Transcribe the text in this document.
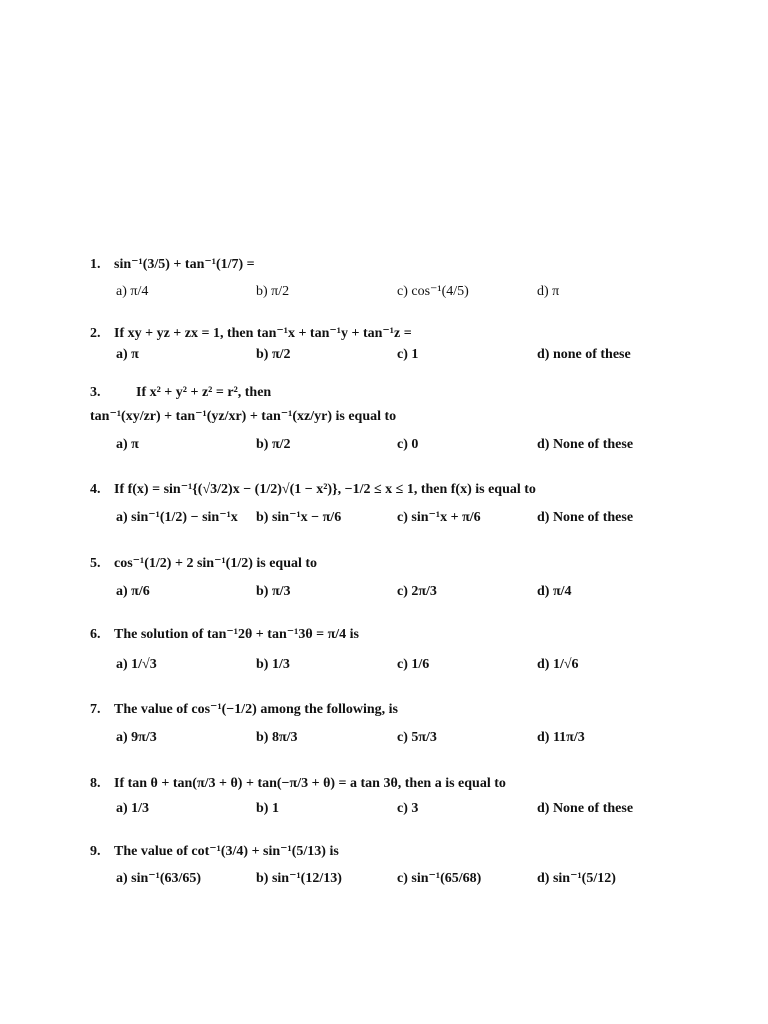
1. sin⁻¹(3/5) + tan⁻¹(1/7) =
a) π/4	b) π/2	c) cos⁻¹(4/5)	d) π
2. If xy + yz + zx = 1, then tan⁻¹x + tan⁻¹y + tan⁻¹z =
a) π	b) π/2	c) 1	d) none of these
3.	If x² + y² + z² = r², then
tan⁻¹(xy/zr) + tan⁻¹(yz/xr) + tan⁻¹(xz/yr) is equal to
a) π	b) π/2	c) 0	d) None of these
4. If f(x) = sin⁻¹{(√3/2)x − (1/2)√(1 − x²)}, −1/2 ≤ x ≤ 1, then f(x) is equal to
a) sin⁻¹(1/2) − sin⁻¹x b) sin⁻¹x − π/6	c) sin⁻¹x + π/6	d) None of these
5. cos⁻¹(1/2) + 2 sin⁻¹(1/2) is equal to
a) π/6	b) π/3	c) 2π/3	d) π/4
6. The solution of tan⁻¹2θ + tan⁻¹3θ = π/4 is
a) 1/√3	b) 1/3	c) 1/6	d) 1/√6
7. The value of cos⁻¹(−1/2) among the following, is
a) 9π/3	b) 8π/3	c) 5π/3	d) 11π/3
8. If tan θ + tan(π/3 + θ) + tan(−π/3 + θ) = a tan 3θ, then a is equal to
a) 1/3	b) 1	c) 3	d) None of these
9. The value of cot⁻¹(3/4) + sin⁻¹(5/13) is
a) sin⁻¹(63/65)	b) sin⁻¹(12/13)	c) sin⁻¹(65/68)	d) sin⁻¹(5/12)
